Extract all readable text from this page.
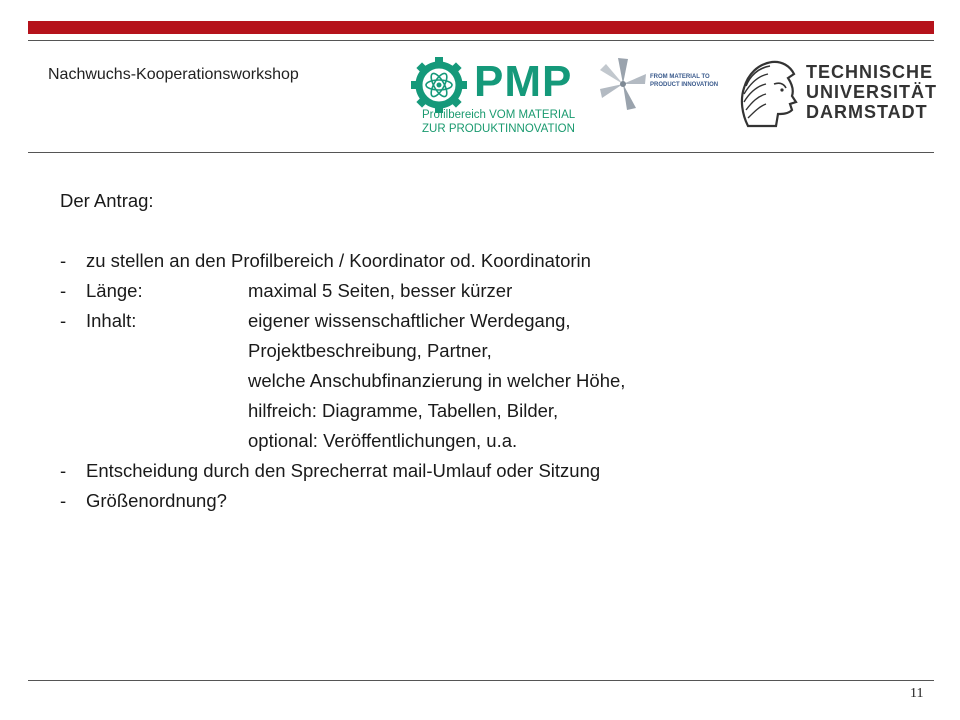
Nachwuchs-Kooperationsworkshop	PMP
Profilbereich VOM MATERIAL
ZUR PRODUKTINNOVATION
FROM MATERIAL TO
PRODUCT INNOVATION
TECHNISCHE
UNIVERSITÄT
DARMSTADT
Der Antrag:
-	zu stellen an den Profilbereich / Koordinator od. Koordinatorin
-	Länge:	maximal 5 Seiten, besser kürzer
-	Inhalt:	eigener wissenschaftlicher Werdegang,
Projektbeschreibung, Partner,
welche Anschubfinanzierung in welcher Höhe,
hilfreich: Diagramme, Tabellen, Bilder,
optional: Veröffentlichungen, u.a.
-	Entscheidung durch den Sprecherrat mail-Umlauf oder Sitzung
-	Größenordnung?
11
